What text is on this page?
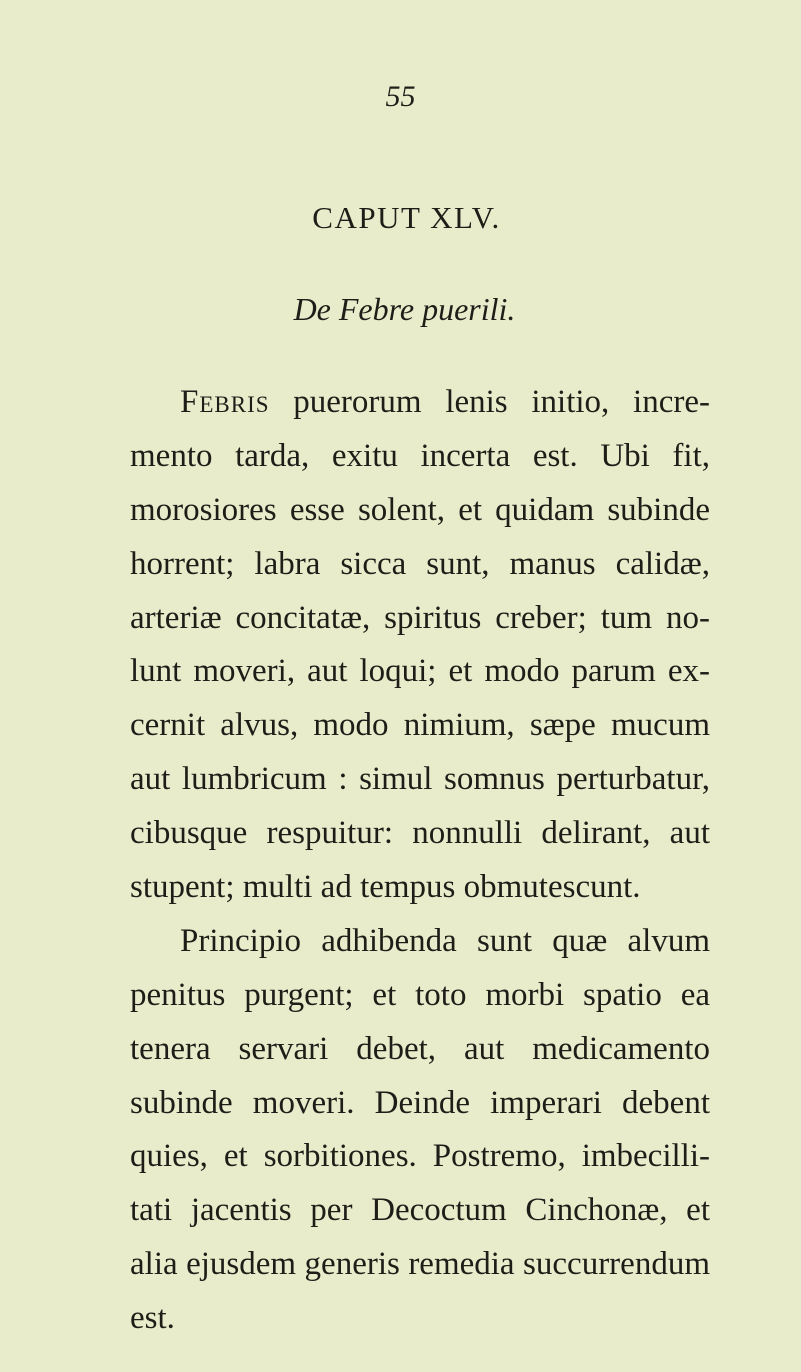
55
CAPUT XLV.
De Febre puerili.
Febris puerorum lenis initio, incre-
mento tarda, exitu incerta est. Ubi fit,
morosiores esse solent, et quidam subinde
horrent; labra sicca sunt, manus calidæ,
arteriæ concitatæ, spiritus creber; tum no-
lunt moveri, aut loqui; et modo parum ex-
cernit alvus, modo nimium, sæpe mucum
aut lumbricum : simul somnus perturbatur,
cibusque respuitur: nonnulli delirant, aut
stupent; multi ad tempus obmutescunt.
Principio adhibenda sunt quæ alvum
penitus purgent; et toto morbi spatio ea
tenera servari debet, aut medicamento
subinde moveri. Deinde imperari debent
quies, et sorbitiones. Postremo, imbecilli-
tati jacentis per Decoctum Cinchonæ, et
alia ejusdem generis remedia succurrendum
est.
